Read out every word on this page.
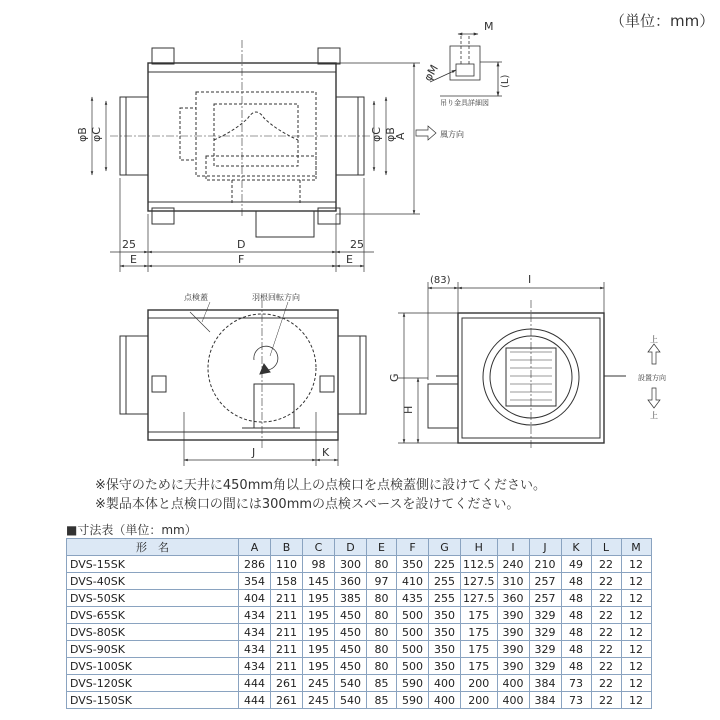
（単位：mm）
A
φB φC	φC φB
25	D	25
E	F	E
風方向
M
φM	(L)
吊り金具詳細図
点検蓋	羽根回転方向
J	K
(83)	I
G
H
上
設置方向
上
※保守のために天井に450mm角以上の点検口を点検蓋側に設けてください。
※製品本体と点検口の間には300mmの点検スペースを設けてください。
■寸法表（単位：mm）
形　名	A	B	C	D	E	F	G	H	I	J	K	L	M
DVS-15SK	286	110	98	300	80	350	225	112.5	240	210	49	22	12
DVS-40SK	354	158	145	360	97	410	255	127.5	310	257	48	22	12
DVS-50SK	404	211	195	385	80	435	255	127.5	360	257	48	22	12
DVS-65SK	434	211	195	450	80	500	350	175	390	329	48	22	12
DVS-80SK	434	211	195	450	80	500	350	175	390	329	48	22	12
DVS-90SK	434	211	195	450	80	500	350	175	390	329	48	22	12
DVS-100SK	434	211	195	450	80	500	350	175	390	329	48	22	12
DVS-120SK	444	261	245	540	85	590	400	200	400	384	73	22	12
DVS-150SK	444	261	245	540	85	590	400	200	400	384	73	22	12
